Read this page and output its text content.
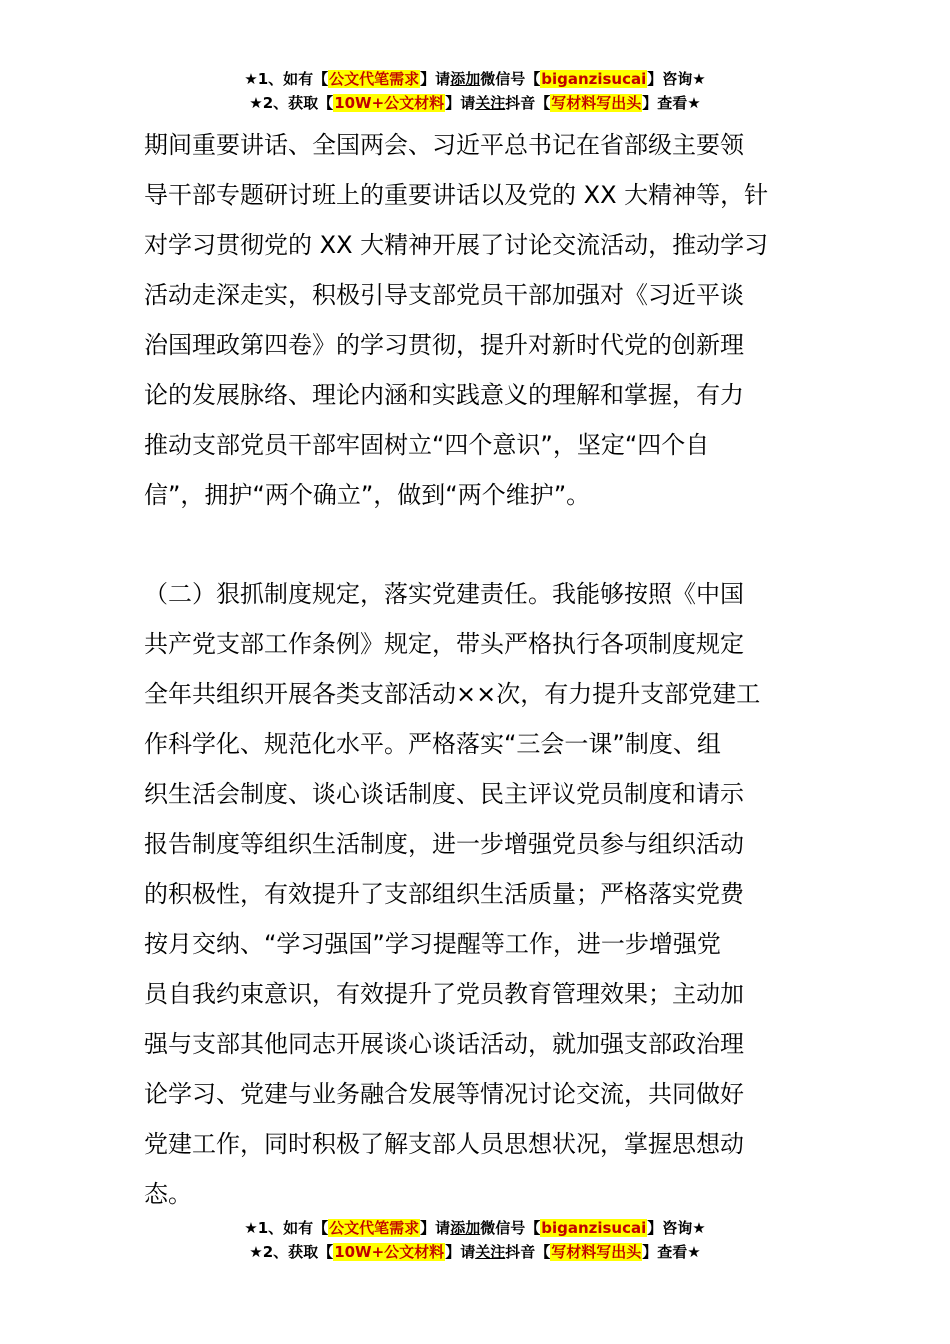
★1、如有【公文代笔需求】请添加微信号【biganzisucai】咨询★
★2、获取【10W+公文材料】请关注抖音【写材料写出头】查看★
期间重要讲话、全国两会、习近平总书记在省部级主要领
导干部专题研讨班上的重要讲话以及党的 XX 大精神等，针
对学习贯彻党的 XX 大精神开展了讨论交流活动，推动学习
活动走深走实，积极引导支部党员干部加强对《习近平谈
治国理政第四卷》的学习贯彻，提升对新时代党的创新理
论的发展脉络、理论内涵和实践意义的理解和掌握，有力
推动支部党员干部牢固树立“四个意识”，坚定“四个自
信”，拥护“两个确立”，做到“两个维护”。
（二）狠抓制度规定，落实党建责任。我能够按照《中国
共产党支部工作条例》规定，带头严格执行各项制度规定
全年共组织开展各类支部活动××次，有力提升支部党建工
作科学化、规范化水平。严格落实“三会一课”制度、组
织生活会制度、谈心谈话制度、民主评议党员制度和请示
报告制度等组织生活制度，进一步增强党员参与组织活动
的积极性，有效提升了支部组织生活质量；严格落实党费
按月交纳、“学习强国”学习提醒等工作，进一步增强党
员自我约束意识，有效提升了党员教育管理效果；主动加
强与支部其他同志开展谈心谈话活动，就加强支部政治理
论学习、党建与业务融合发展等情况讨论交流，共同做好
党建工作，同时积极了解支部人员思想状况，掌握思想动
态。
★1、如有【公文代笔需求】请添加微信号【biganzisucai】咨询★
★2、获取【10W+公文材料】请关注抖音【写材料写出头】查看★
